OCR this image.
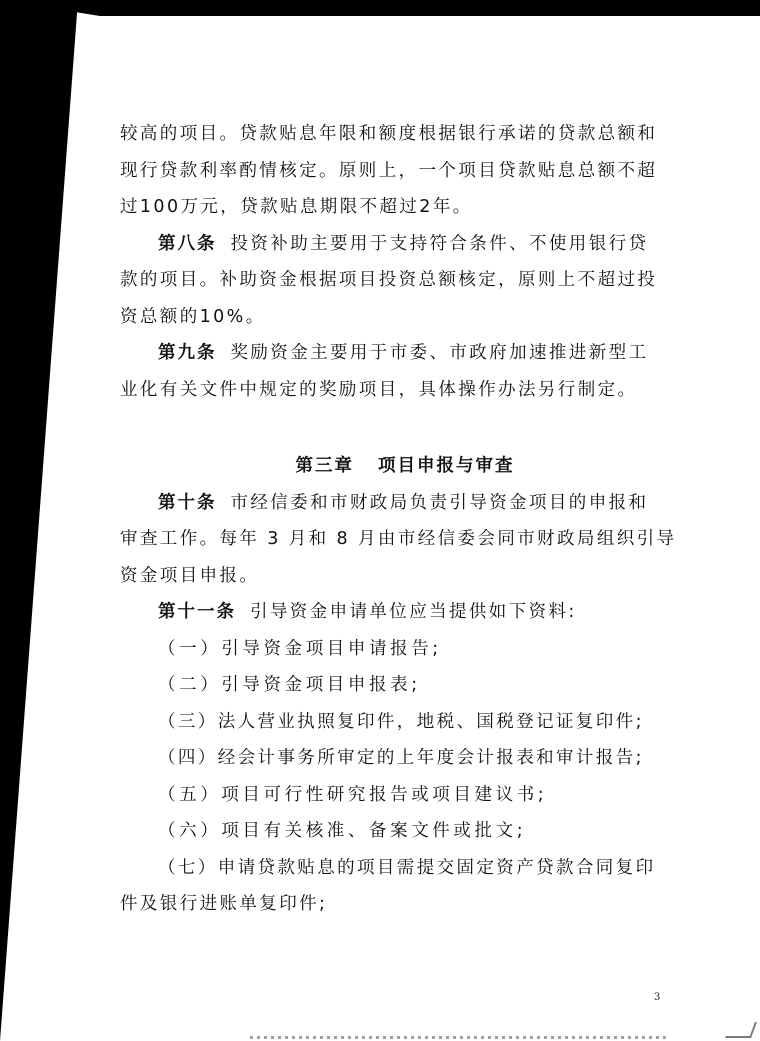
较高的项目。贷款贴息年限和额度根据银行承诺的贷款总额和
现行贷款利率酌情核定。原则上，一个项目贷款贴息总额不超
过100万元，贷款贴息期限不超过2年。
第八条 投资补助主要用于支持符合条件、不使用银行贷
款的项目。补助资金根据项目投资总额核定，原则上不超过投
资总额的10%。
第九条 奖励资金主要用于市委、市政府加速推进新型工
业化有关文件中规定的奖励项目，具体操作办法另行制定。
第三章 项目申报与审查
第十条 市经信委和市财政局负责引导资金项目的申报和
审查工作。每年 3 月和 8 月由市经信委会同市财政局组织引导
资金项目申报。
第十一条 引导资金申请单位应当提供如下资料:
（一）引导资金项目申请报告;
（二）引导资金项目申报表;
（三）法人营业执照复印件，地税、国税登记证复印件;
（四）经会计事务所审定的上年度会计报表和审计报告;
（五）项目可行性研究报告或项目建议书;
（六）项目有关核准、备案文件或批文;
（七）申请贷款贴息的项目需提交固定资产贷款合同复印
件及银行进账单复印件;
3
